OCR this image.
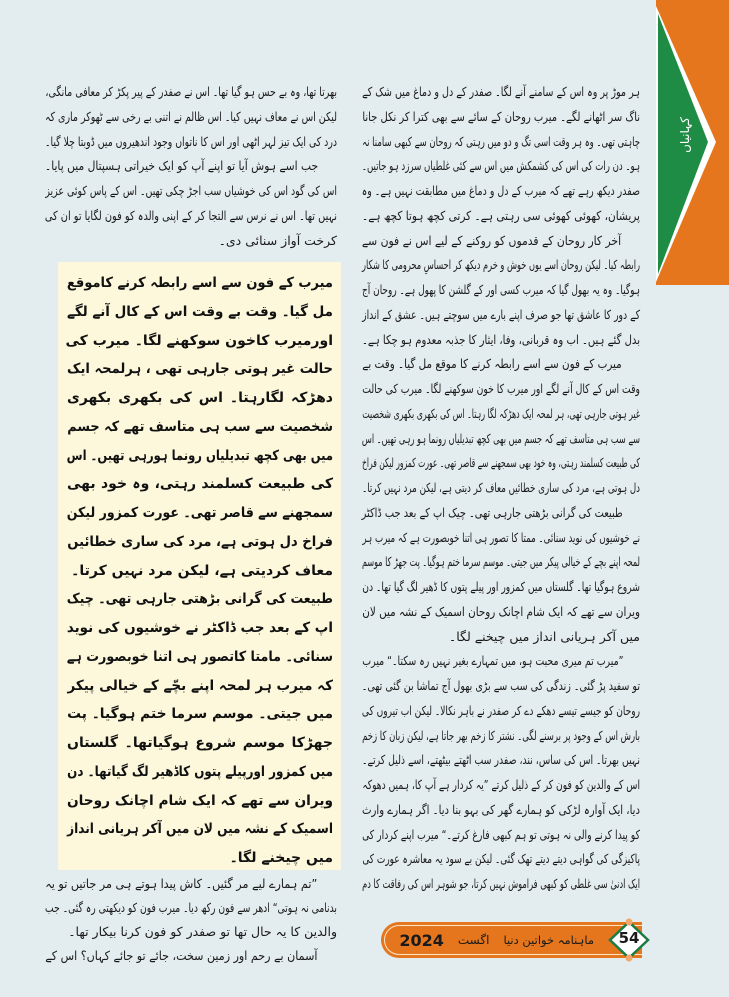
کہانیاں
ہر موڑ پر وہ اس کے سامنے آنے لگا۔ صفدر کے دل و دماغ میں شک کے
ناگ سر اٹھانے لگے۔ میرب روحان کے سائے سے بھی کترا کر نکل جانا
چاہتی تھی۔ وہ ہر وقت اسی تگ و دو میں رہتی کہ روحان سے کبھی سامنا نہ
ہو۔ دن رات کی اس کی کشمکش میں اس سے کئی غلطیاں سرزد ہو جاتیں۔
صفدر دیکھ رہے تھے کہ میرب کے دل و دماغ میں مطابقت نہیں ہے۔ وہ
پریشان، کھوئی کھوئی سی رہتی ہے۔ کرتی کچھ ہوتا کچھ ہے۔
آخر کار روحان کے قدموں کو روکنے کے لیے اس نے فون سے
رابطہ کیا۔ لیکن روحان اسے یوں خوش و خرم دیکھ کر احساسِ محرومی کا شکار
ہوگیا۔ وہ یہ بھول گیا کہ میرب کسی اور کے گلشن کا پھول ہے۔ روحان آج
کے دور کا عاشق تھا جو صرف اپنے بارے میں سوچتے ہیں۔ عشق کے انداز
بدل گئے ہیں۔ اب وہ قربانی، وفا، ایثار کا جذبہ معدوم ہو چکا ہے۔
میرب کے فون سے اسے رابطہ کرنے کا موقع مل گیا۔ وقت بے
وقت اس کے کال آنے لگے اور میرب کا خون سوکھنے لگا۔ میرب کی حالت
غیر ہوتی جارہی تھی، ہر لمحہ ایک دھڑکہ لگا رہتا۔ اس کی بکھری بکھری شخصیت
سے سب ہی متاسف تھے کہ جسم میں بھی کچھ تبدیلیاں رونما ہو رہی تھیں۔ اس
کی طبیعت کسلمند رہتی، وہ خود بھی سمجھنے سے قاصر تھی۔ عورت کمزور لیکن فراخ
دل ہوتی ہے، مرد کی ساری خطائیں معاف کر دیتی ہے، لیکن مرد نہیں کرتا۔
طبیعت کی گرانی بڑھتی جارہی تھی۔ چیک اپ کے بعد جب ڈاکٹر
نے خوشیوں کی نوید سنائی۔ ممتا کا تصور ہی اتنا خوبصورت ہے کہ میرب ہر
لمحہ اپنے بچے کے خیالی پیکر میں جیتی۔ موسم سرما ختم ہوگیا۔ پت جھڑ کا موسم
شروع ہوگیا تھا۔ گلستاں میں کمزور اور پیلے پتوں کا ڈھیر لگ گیا تھا۔ دن
ویران سے تھے کہ ایک شام اچانک روحان اسمیک کے نشہ میں لان
میں آکر ہریانی انداز میں چیخنے لگا۔
”میرب تم میری محبت ہو، میں تمہارے بغیر نہیں رہ سکتا۔“ میرب
تو سفید پڑ گئی۔ زندگی کی سب سے بڑی بھول آج تماشا بن گئی تھی۔
روحان کو جیسے تیسے دھکے دے کر صفدر نے باہر نکالا۔ لیکن اب تیروں کی
بارش اس کے وجود پر برسنے لگی۔ نشتر کا زخم بھر جاتا ہے، لیکن زبان کا زخم
نہیں بھرتا۔ اس کی ساس، نند، صفدر سب اٹھتے بیٹھتے، اسے ذلیل کرتے۔
اس کے والدین کو فون کر کے ذلیل کرتے ”یہ کردار ہے آپ کا، ہمیں دھوکہ
دیا، ایک آوارہ لڑکی کو ہمارے گھر کی بہو بنا دیا۔ اگر ہمارے وارث
کو پیدا کرنے والی نہ ہوتی تو ہم کبھی فارغ کرتے۔“ میرب اپنے کردار کی
پاکیزگی کی گواہی دیتے دیتے تھک گئی۔ لیکن بے سود یہ معاشرہ عورت کی
ایک ادنیٰ سی غلطی کو کبھی فراموش نہیں کرتا، جو شوہر اس کی رفاقت کا دم
بھرتا تھا، وہ بے حس ہو گیا تھا۔ اس نے صفدر کے پیر پکڑ کر معافی مانگی،
لیکن اس نے معاف نہیں کیا۔ اس ظالم نے اتنی بے رخی سے ٹھوکر ماری کہ
درد کی ایک تیز لہر اٹھی اور اس کا ناتواں وجود اندھیروں میں ڈوبتا چلا گیا۔
جب اسے ہوش آیا تو اپنے آپ کو ایک خیراتی ہسپتال میں پایا۔
اس کی گود اس کی خوشیاں سب اجڑ چکی تھیں۔ اس کے پاس کوئی عزیز
نہیں تھا۔ اس نے نرس سے التجا کر کے اپنی والدہ کو فون لگایا تو ان کی
کرخت آواز سنائی دی۔
میرب کے فون سے اسے رابطہ کرنے کاموقع
مل گیا۔ وقت بے وقت اس کے کال آنے لگے
اورمیرب کاخون سوکھنے لگا۔ میرب کی
حالت غیر ہوتی جارہی تھی ، ہرلمحہ ایک
دھڑکہ لگارہتا۔ اس کی بکھری بکھری
شخصیت سے سب ہی متاسف تھے کہ جسم
میں بھی کچھ تبدیلیاں رونما ہورہی تھیں۔ اس
کی طبیعت کسلمند رہتی، وہ خود بھی
سمجھنے سے قاصر تھی۔ عورت کمزور لیکن
فراخ دل ہوتی ہے، مرد کی ساری خطائیں
معاف کردیتی ہے، لیکن مرد نہیں کرتا۔
طبیعت کی گرانی بڑھتی جارہی تھی۔ چیک
اپ کے بعد جب ڈاکٹر نے خوشیوں کی نوید
سنائی۔ مامتا کاتصور ہی اتنا خوبصورت ہے
کہ میرب ہر لمحہ اپنے بچّے کے خیالی پیکر
میں جیتی۔ موسم سرما ختم ہوگیا۔ پت
جھڑکا موسم شروع ہوگیاتھا۔ گلستاں
میں کمزور اورپیلے پتوں کاڈھیر لگ گیاتھا۔ دن
ویران سے تھے کہ ایک شام اچانک روحان
اسمیک کے نشہ میں لان میں آکر ہریانی انداز
میں چیخنے لگا۔
”تم ہمارے لیے مر گئیں۔ کاش پیدا ہوتے ہی مر جاتیں تو یہ
بدنامی نہ ہوتی“ ادھر سے فون رکھ دیا۔ میرب فون کو دیکھتی رہ گئی۔ جب
والدین کا یہ حال تھا تو صفدر کو فون کرنا بیکار تھا۔
آسمان بے رحم اور زمین سخت، جائے تو جائے کہاں؟ اس کے
ماہنامہ خواتین دنیا
اگست
2024	54
